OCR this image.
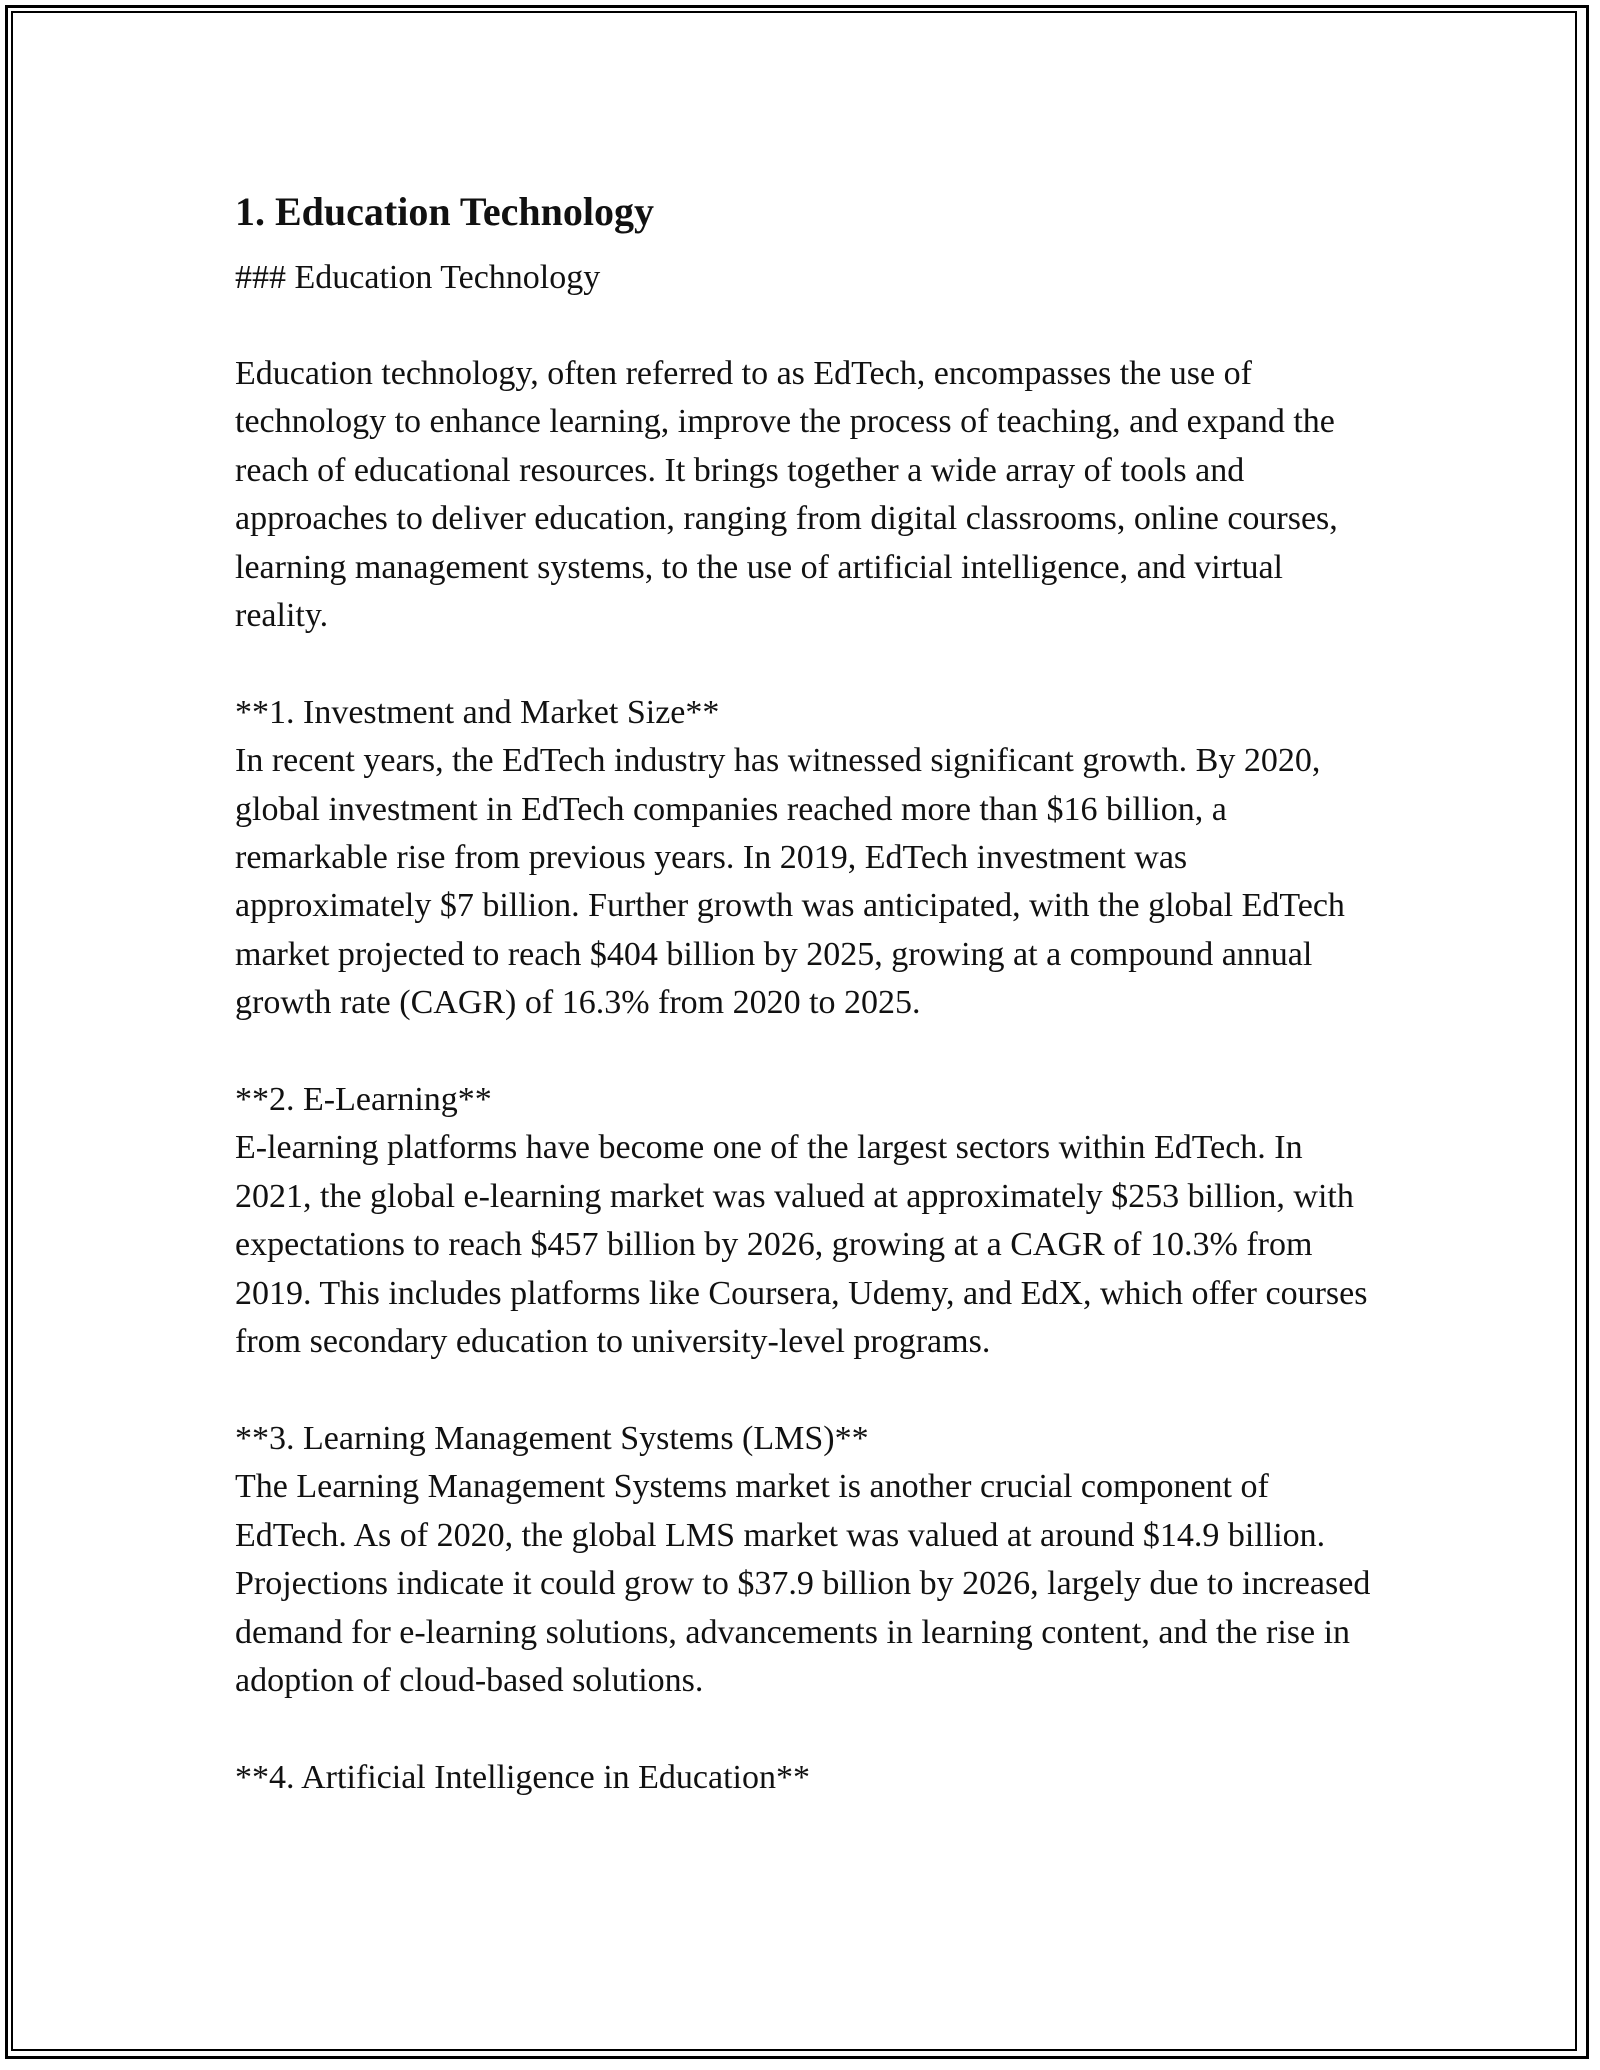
1. Education Technology
### Education Technology
Education technology, often referred to as EdTech, encompasses the use of technology to enhance learning, improve the process of teaching, and expand the reach of educational resources. It brings together a wide array of tools and approaches to deliver education, ranging from digital classrooms, online courses, learning management systems, to the use of artificial intelligence, and virtual reality.
**1. Investment and Market Size**
In recent years, the EdTech industry has witnessed significant growth. By 2020, global investment in EdTech companies reached more than $16 billion, a remarkable rise from previous years. In 2019, EdTech investment was approximately $7 billion. Further growth was anticipated, with the global EdTech market projected to reach $404 billion by 2025, growing at a compound annual growth rate (CAGR) of 16.3% from 2020 to 2025.
**2. E-Learning**
E-learning platforms have become one of the largest sectors within EdTech. In 2021, the global e-learning market was valued at approximately $253 billion, with expectations to reach $457 billion by 2026, growing at a CAGR of 10.3% from 2019. This includes platforms like Coursera, Udemy, and EdX, which offer courses from secondary education to university-level programs.
**3. Learning Management Systems (LMS)**
The Learning Management Systems market is another crucial component of EdTech. As of 2020, the global LMS market was valued at around $14.9 billion. Projections indicate it could grow to $37.9 billion by 2026, largely due to increased demand for e-learning solutions, advancements in learning content, and the rise in adoption of cloud-based solutions.
**4. Artificial Intelligence in Education**
